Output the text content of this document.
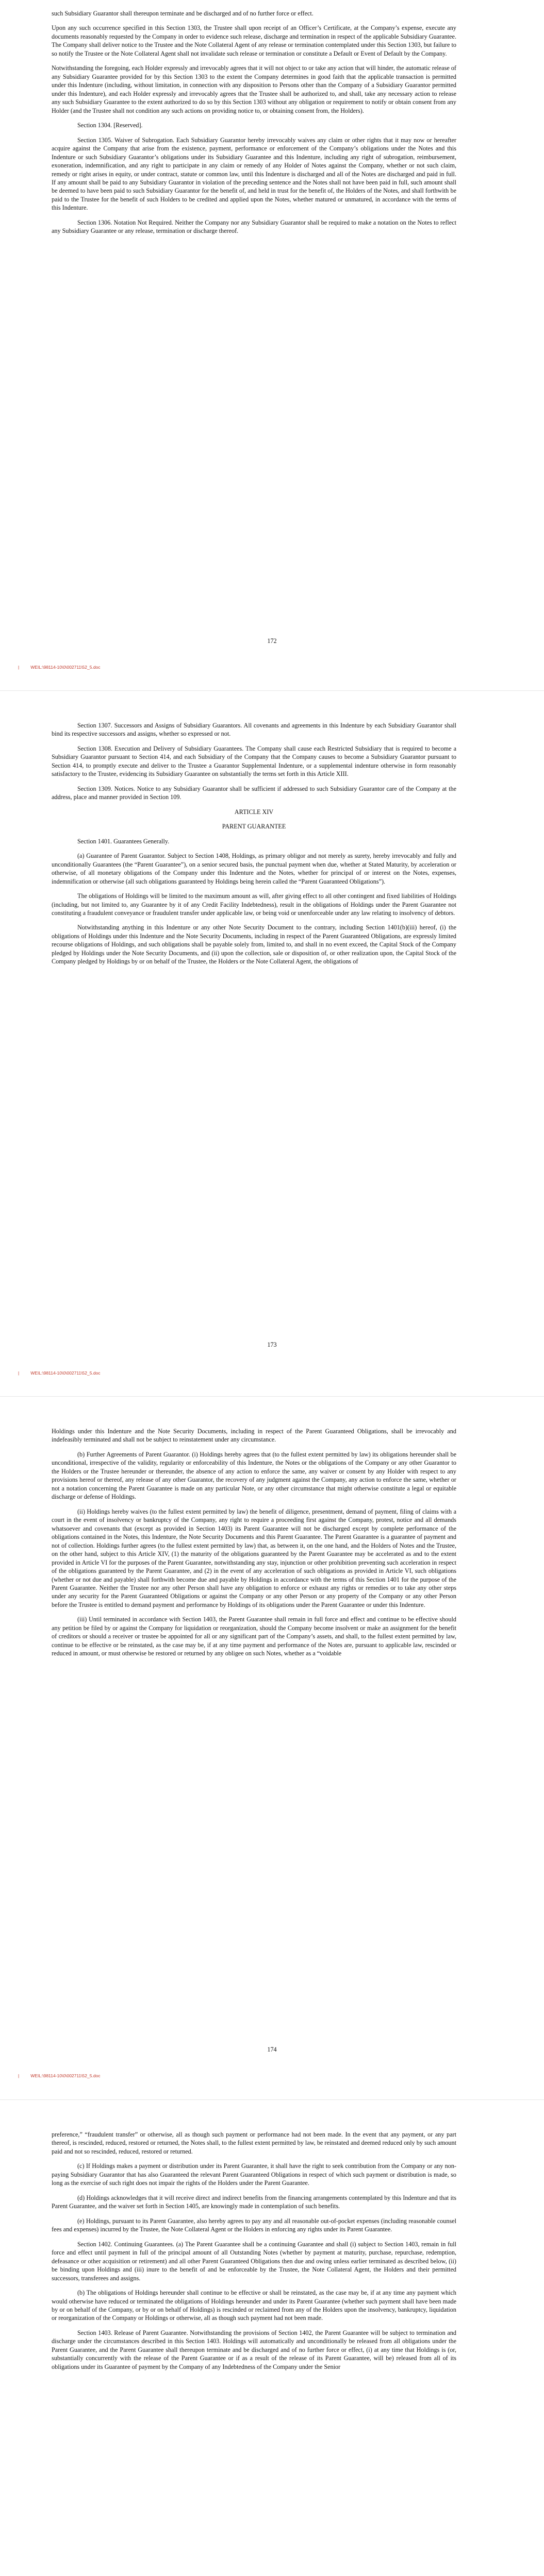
such Subsidiary Guarantor shall thereupon terminate and be discharged and of no further force or effect.

Upon any such occurrence specified in this Section 1303, the Trustee shall upon receipt of an Officer’s Certificate, at the Company’s expense, execute any documents reasonably requested by the Company in order to evidence such release, discharge and termination in respect of the applicable Subsidiary Guarantee. The Company shall deliver notice to the Trustee and the Note Collateral Agent of any release or termination contemplated under this Section 1303, but failure to so notify the Trustee or the Note Collateral Agent shall not invalidate such release or termination or constitute a Default or Event of Default by the Company.

Notwithstanding the foregoing, each Holder expressly and irrevocably agrees that it will not object to or take any action that will hinder, the automatic release of any Subsidiary Guarantee provided for by this Section 1303 to the extent the Company determines in good faith that the applicable transaction is permitted under this Indenture (including, without limitation, in connection with any disposition to Persons other than the Company of a Subsidiary Guarantor permitted under this Indenture), and each Holder expressly and irrevocably agrees that the Trustee shall be authorized to, and shall, take any necessary action to release any such Subsidiary Guarantee to the extent authorized to do so by this Section 1303 without any obligation or requirement to notify or obtain consent from any Holder (and the Trustee shall not condition any such actions on providing notice to, or obtaining consent from, the Holders).

Section 1304. [Reserved].

Section 1305. Waiver of Subrogation. Each Subsidiary Guarantor hereby irrevocably waives any claim or other rights that it may now or hereafter acquire against the Company that arise from the existence, payment, performance or enforcement of the Company’s obligations under the Notes and this Indenture or such Subsidiary Guarantor’s obligations under its Subsidiary Guarantee and this Indenture, including any right of subrogation, reimbursement, exoneration, indemnification, and any right to participate in any claim or remedy of any Holder of Notes against the Company, whether or not such claim, remedy or right arises in equity, or under contract, statute or common law, until this Indenture is discharged and all of the Notes are discharged and paid in full. If any amount shall be paid to any Subsidiary Guarantor in violation of the preceding sentence and the Notes shall not have been paid in full, such amount shall be deemed to have been paid to such Subsidiary Guarantor for the benefit of, and held in trust for the benefit of, the Holders of the Notes, and shall forthwith be paid to the Trustee for the benefit of such Holders to be credited and applied upon the Notes, whether matured or unmatured, in accordance with the terms of this Indenture.

Section 1306. Notation Not Required. Neither the Company nor any Subsidiary Guarantor shall be required to make a notation on the Notes to reflect any Subsidiary Guarantee or any release, termination or discharge thereof.

172
|	WEIL:\98114-10\0\002711\52_5.doc

Section 1307. Successors and Assigns of Subsidiary Guarantors. All covenants and agreements in this Indenture by each Subsidiary Guarantor shall bind its respective successors and assigns, whether so expressed or not.

Section 1308. Execution and Delivery of Subsidiary Guarantees. The Company shall cause each Restricted Subsidiary that is required to become a Subsidiary Guarantor pursuant to Section 414, and each Subsidiary of the Company that the Company causes to become a Subsidiary Guarantor pursuant to Section 414, to promptly execute and deliver to the Trustee a Guarantor Supplemental Indenture, or a supplemental indenture otherwise in form reasonably satisfactory to the Trustee, evidencing its Subsidiary Guarantee on substantially the terms set forth in this Article XIII.

Section 1309. Notices. Notice to any Subsidiary Guarantor shall be sufficient if addressed to such Subsidiary Guarantor care of the Company at the address, place and manner provided in Section 109.

ARTICLE XIV

PARENT GUARANTEE

Section 1401. Guarantees Generally.

(a) Guarantee of Parent Guarantor. Subject to Section 1408, Holdings, as primary obligor and not merely as surety, hereby irrevocably and fully and unconditionally Guarantees (the “Parent Guarantee”), on a senior secured basis, the punctual payment when due, whether at Stated Maturity, by acceleration or otherwise, of all monetary obligations of the Company under this Indenture and the Notes, whether for principal of or interest on the Notes, expenses, indemnification or otherwise (all such obligations guaranteed by Holdings being herein called the “Parent Guaranteed Obligations”).

The obligations of Holdings will be limited to the maximum amount as will, after giving effect to all other contingent and fixed liabilities of Holdings (including, but not limited to, any Guarantee by it of any Credit Facility Indebtedness), result in the obligations of Holdings under the Parent Guarantee not constituting a fraudulent conveyance or fraudulent transfer under applicable law, or being void or unenforceable under any law relating to insolvency of debtors.

Notwithstanding anything in this Indenture or any other Note Security Document to the contrary, including Section 1401(b)(iii) hereof, (i) the obligations of Holdings under this Indenture and the Note Security Documents, including in respect of the Parent Guaranteed Obligations, are expressly limited recourse obligations of Holdings, and such obligations shall be payable solely from, limited to, and shall in no event exceed, the Capital Stock of the Company pledged by Holdings under the Note Security Documents, and (ii) upon the collection, sale or disposition of, or other realization upon, the Capital Stock of the Company pledged by Holdings by or on behalf of the Trustee, the Holders or the Note Collateral Agent, the obligations of

173
|	WEIL:\98114-10\0\002711\52_5.doc

Holdings under this Indenture and the Note Security Documents, including in respect of the Parent Guaranteed Obligations, shall be irrevocably and indefeasibly terminated and shall not be subject to reinstatement under any circumstance.

(b) Further Agreements of Parent Guarantor. (i) Holdings hereby agrees that (to the fullest extent permitted by law) its obligations hereunder shall be unconditional, irrespective of the validity, regularity or enforceability of this Indenture, the Notes or the obligations of the Company or any other Guarantor to the Holders or the Trustee hereunder or thereunder, the absence of any action to enforce the same, any waiver or consent by any Holder with respect to any provisions hereof or thereof, any release of any other Guarantor, the recovery of any judgment against the Company, any action to enforce the same, whether or not a notation concerning the Parent Guarantee is made on any particular Note, or any other circumstance that might otherwise constitute a legal or equitable discharge or defense of Holdings.

(ii) Holdings hereby waives (to the fullest extent permitted by law) the benefit of diligence, presentment, demand of payment, filing of claims with a court in the event of insolvency or bankruptcy of the Company, any right to require a proceeding first against the Company, protest, notice and all demands whatsoever and covenants that (except as provided in Section 1403) its Parent Guarantee will not be discharged except by complete performance of the obligations contained in the Notes, this Indenture, the Note Security Documents and this Parent Guarantee. The Parent Guarantee is a guarantee of payment and not of collection. Holdings further agrees (to the fullest extent permitted by law) that, as between it, on the one hand, and the Holders of Notes and the Trustee, on the other hand, subject to this Article XIV, (1) the maturity of the obligations guaranteed by the Parent Guarantee may be accelerated as and to the extent provided in Article VI for the purposes of the Parent Guarantee, notwithstanding any stay, injunction or other prohibition preventing such acceleration in respect of the obligations guaranteed by the Parent Guarantee, and (2) in the event of any acceleration of such obligations as provided in Article VI, such obligations (whether or not due and payable) shall forthwith become due and payable by Holdings in accordance with the terms of this Section 1401 for the purpose of the Parent Guarantee. Neither the Trustee nor any other Person shall have any obligation to enforce or exhaust any rights or remedies or to take any other steps under any security for the Parent Guaranteed Obligations or against the Company or any other Person or any property of the Company or any other Person before the Trustee is entitled to demand payment and performance by Holdings of its obligations under the Parent Guarantee or under this Indenture.

(iii) Until terminated in accordance with Section 1403, the Parent Guarantee shall remain in full force and effect and continue to be effective should any petition be filed by or against the Company for liquidation or reorganization, should the Company become insolvent or make an assignment for the benefit of creditors or should a receiver or trustee be appointed for all or any significant part of the Company’s assets, and shall, to the fullest extent permitted by law, continue to be effective or be reinstated, as the case may be, if at any time payment and performance of the Notes are, pursuant to applicable law, rescinded or reduced in amount, or must otherwise be restored or returned by any obligee on such Notes, whether as a “voidable

174
|	WEIL:\98114-10\0\002711\52_5.doc

preference,” “fraudulent transfer” or otherwise, all as though such payment or performance had not been made. In the event that any payment, or any part thereof, is rescinded, reduced, restored or returned, the Notes shall, to the fullest extent permitted by law, be reinstated and deemed reduced only by such amount paid and not so rescinded, reduced, restored or returned.

(c) If Holdings makes a payment or distribution under its Parent Guarantee, it shall have the right to seek contribution from the Company or any non-paying Subsidiary Guarantor that has also Guaranteed the relevant Parent Guaranteed Obligations in respect of which such payment or distribution is made, so long as the exercise of such right does not impair the rights of the Holders under the Parent Guarantee.

(d) Holdings acknowledges that it will receive direct and indirect benefits from the financing arrangements contemplated by this Indenture and that its Parent Guarantee, and the waiver set forth in Section 1405, are knowingly made in contemplation of such benefits.

(e) Holdings, pursuant to its Parent Guarantee, also hereby agrees to pay any and all reasonable out-of-pocket expenses (including reasonable counsel fees and expenses) incurred by the Trustee, the Note Collateral Agent or the Holders in enforcing any rights under its Parent Guarantee.

Section 1402. Continuing Guarantees. (a) The Parent Guarantee shall be a continuing Guarantee and shall (i) subject to Section 1403, remain in full force and effect until payment in full of the principal amount of all Outstanding Notes (whether by payment at maturity, purchase, repurchase, redemption, defeasance or other acquisition or retirement) and all other Parent Guaranteed Obligations then due and owing unless earlier terminated as described below, (ii) be binding upon Holdings and (iii) inure to the benefit of and be enforceable by the Trustee, the Note Collateral Agent, the Holders and their permitted successors, transferees and assigns.

(b) The obligations of Holdings hereunder shall continue to be effective or shall be reinstated, as the case may be, if at any time any payment which would otherwise have reduced or terminated the obligations of Holdings hereunder and under its Parent Guarantee (whether such payment shall have been made by or on behalf of the Company, or by or on behalf of Holdings) is rescinded or reclaimed from any of the Holders upon the insolvency, bankruptcy, liquidation or reorganization of the Company or Holdings or otherwise, all as though such payment had not been made.

Section 1403. Release of Parent Guarantee. Notwithstanding the provisions of Section 1402, the Parent Guarantee will be subject to termination and discharge under the circumstances described in this Section 1403. Holdings will automatically and unconditionally be released from all obligations under the Parent Guarantee, and the Parent Guarantee shall thereupon terminate and be discharged and of no further force or effect, (i) at any time that Holdings is (or, substantially concurrently with the release of the Parent Guarantee or if as a result of the release of its Parent Guarantee, will be) released from all of its obligations under its Guarantee of payment by the Company of any Indebtedness of the Company under the Senior
